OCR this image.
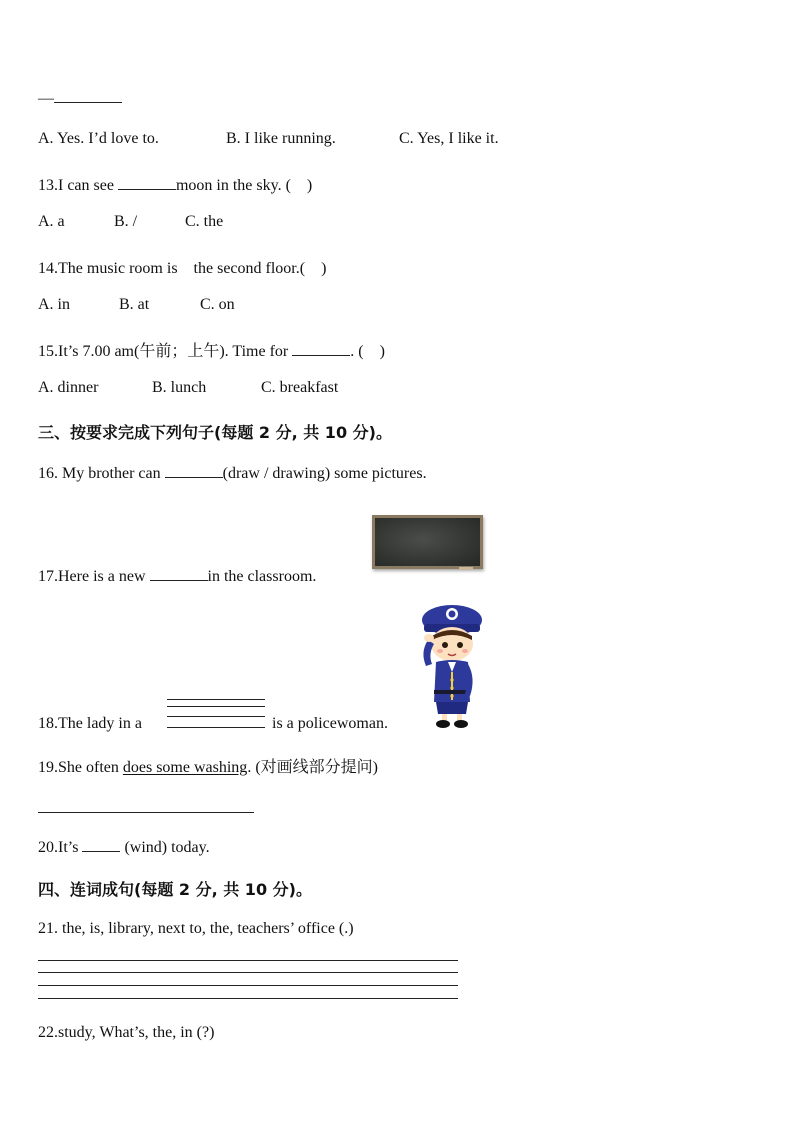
—
A. Yes. I’d love to.	B. I like running.	C. Yes, I like it.
13.I can see	moon in the sky. (　)
A. a	B. /	C. the
14.The music room is　the second floor.(　)
A. in	B. at	C. on
15.It’s 7.00 am(午前；上午). Time for	. (　)
A. dinner	B. lunch	C. breakfast
三、按要求完成下列句子(每题 2 分, 共 10 分)。
16. My brother can	(draw / drawing) some pictures.
17.Here is a new	in the classroom.
18.The lady in a	is a policewoman.
19.She often does some washing. (对画线部分提问)
20.It’s	(wind) today.
四、连词成句(每题 2 分, 共 10 分)。
21. the, is, library, next to, the, teachers’ office (.)
22.study, What’s, the, in (?)
